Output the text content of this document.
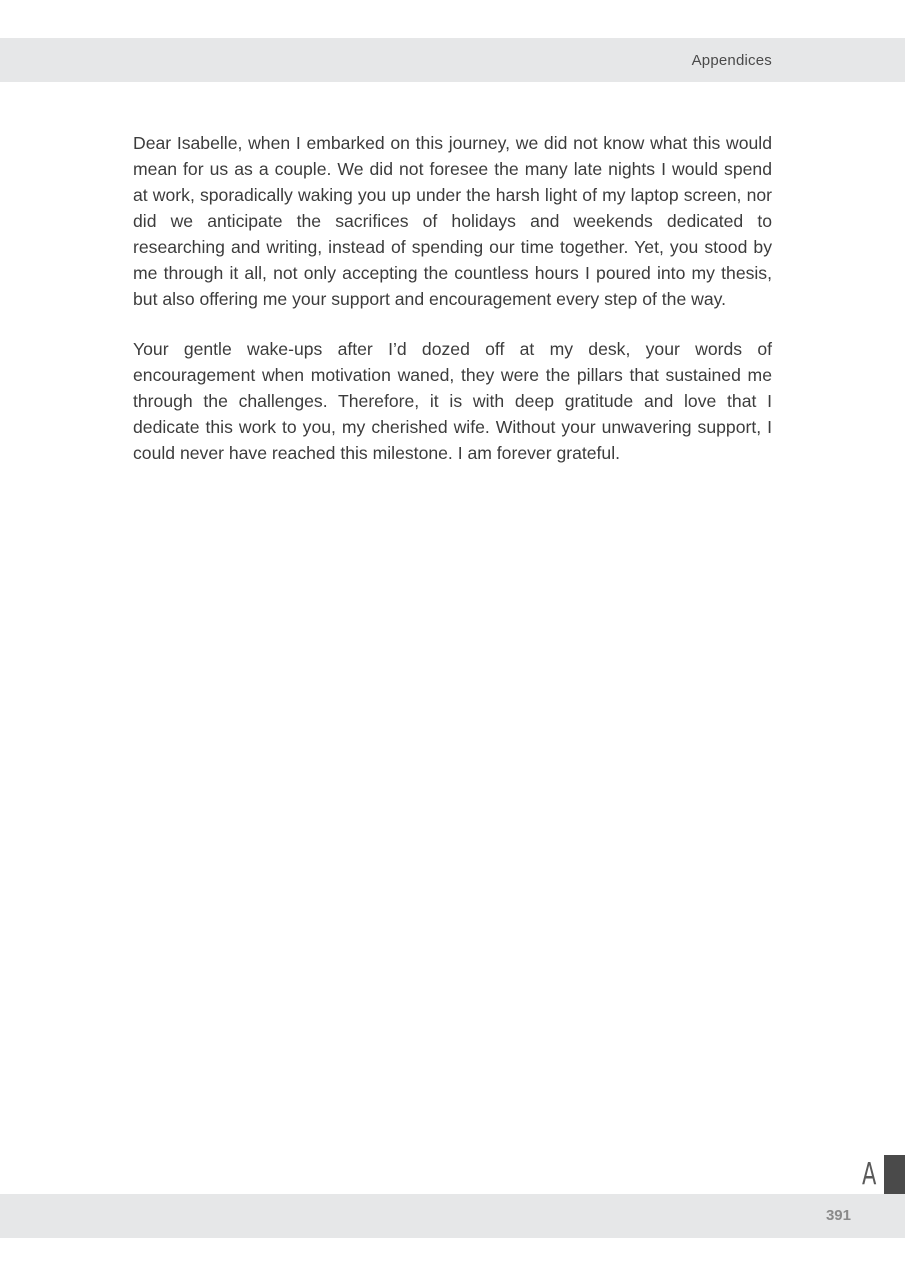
Appendices

Dear Isabelle, when I embarked on this journey, we did not know what this would mean for us as a couple. We did not foresee the many late nights I would spend at work, sporadically waking you up under the harsh light of my laptop screen, nor did we anticipate the sacrifices of holidays and weekends dedicated to researching and writing, instead of spending our time together. Yet, you stood by me through it all, not only accepting the countless hours I poured into my thesis, but also offering me your support and encouragement every step of the way.

Your gentle wake-ups after I’d dozed off at my desk, your words of encouragement when motivation waned, they were the pillars that sustained me through the challenges. Therefore, it is with deep gratitude and love that I dedicate this work to you, my cherished wife. Without your unwavering support, I could never have reached this milestone. I am forever grateful.

A
391
